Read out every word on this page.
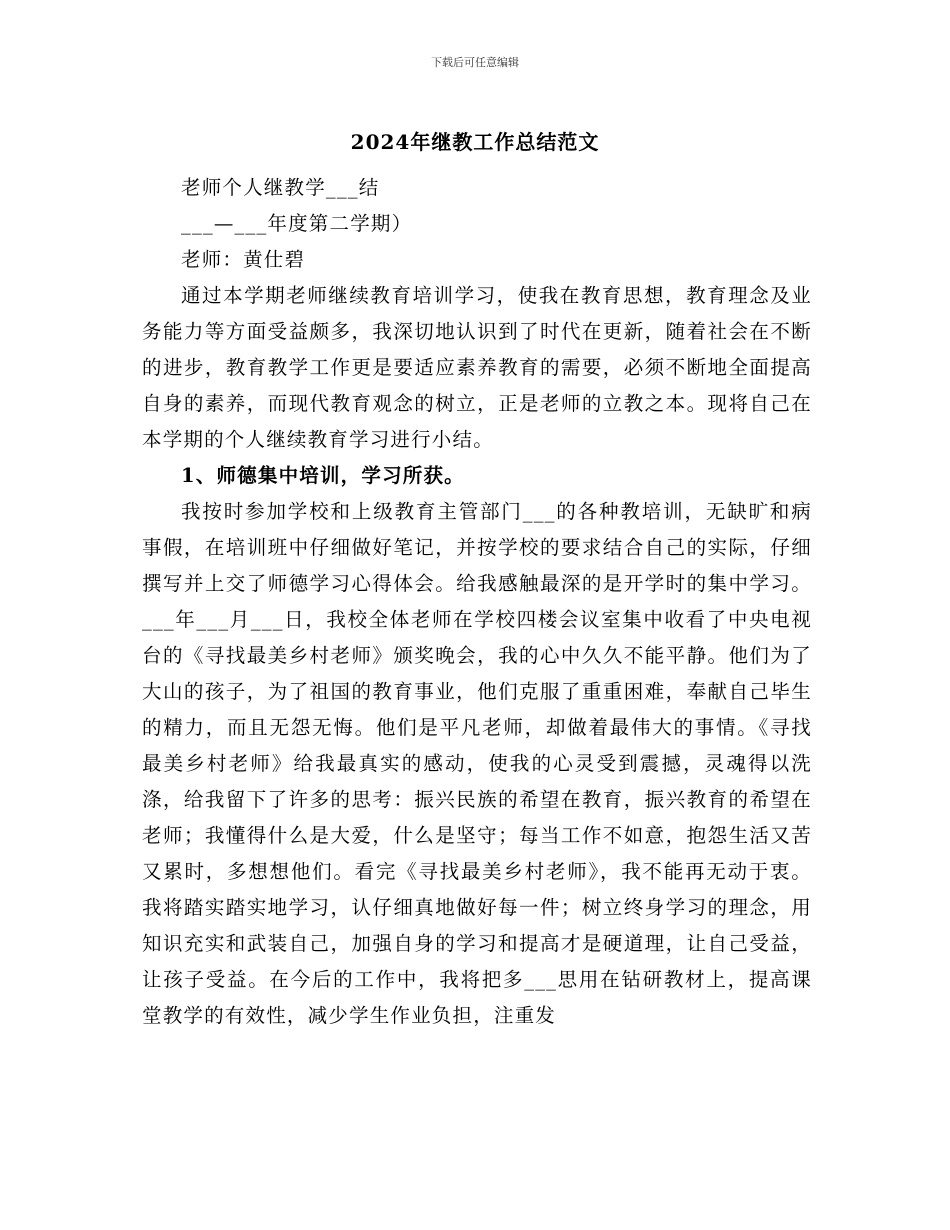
下载后可任意编辑
2024年继教工作总结范文

老师个人继教学___结

___—___年度第二学期）

老师：黄仕碧

通过本学期老师继续教育培训学习，使我在教育思想，教育理念及业务能力等方面受益颇多，我深切地认识到了时代在更新，随着社会在不断的进步，教育教学工作更是要适应素养教育的需要，必须不断地全面提高自身的素养，而现代教育观念的树立，正是老师的立教之本。现将自己在本学期的个人继续教育学习进行小结。

1、师德集中培训，学习所获。

我按时参加学校和上级教育主管部门___的各种教培训，无缺旷和病事假，在培训班中仔细做好笔记，并按学校的要求结合自己的实际，仔细撰写并上交了师德学习心得体会。给我感触最深的是开学时的集中学习。___年___月___日，我校全体老师在学校四楼会议室集中收看了中央电视台的《寻找最美乡村老师》颁奖晚会，我的心中久久不能平静。他们为了大山的孩子，为了祖国的教育事业，他们克服了重重困难，奉献自己毕生的精力，而且无怨无悔。他们是平凡老师，却做着最伟大的事情。《寻找最美乡村老师》给我最真实的感动，使我的心灵受到震撼，灵魂得以洗涤，给我留下了许多的思考：振兴民族的希望在教育，振兴教育的希望在老师；我懂得什么是大爱，什么是坚守；每当工作不如意，抱怨生活又苦又累时，多想想他们。看完《寻找最美乡村老师》，我不能再无动于衷。我将踏实踏实地学习，认仔细真地做好每一件；树立终身学习的理念，用知识充实和武装自己，加强自身的学习和提高才是硬道理，让自己受益，让孩子受益。在今后的工作中，我将把多___思用在钻研教材上，提高课堂教学的有效性，减少学生作业负担，注重发
